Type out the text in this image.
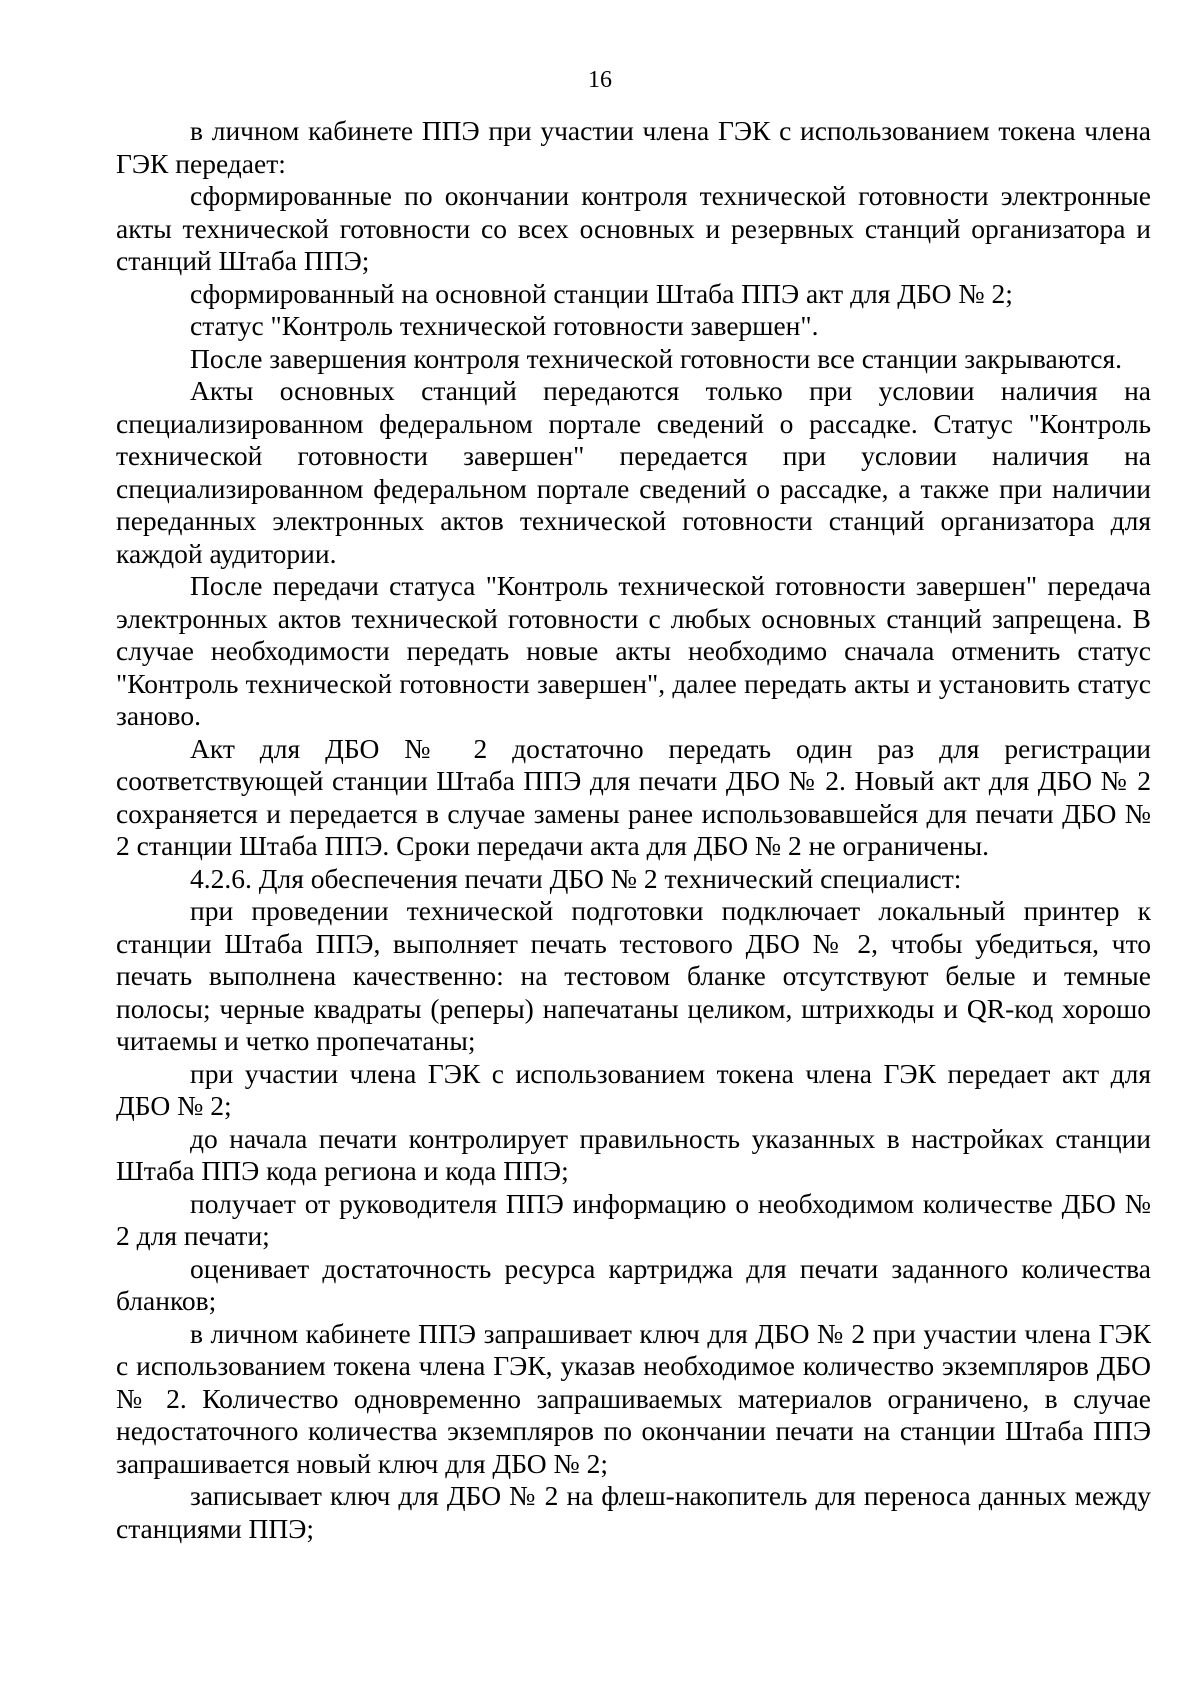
16

в личном кабинете ППЭ при участии члена ГЭК с использованием токена члена ГЭК передает:

сформированные по окончании контроля технической готовности электронные акты технической готовности со всех основных и резервных станций организатора и станций Штаба ППЭ;

сформированный на основной станции Штаба ППЭ акт для ДБО № 2;

статус "Контроль технической готовности завершен".

После завершения контроля технической готовности все станции закрываются.

Акты основных станций передаются только при условии наличия на специализированном федеральном портале сведений о рассадке. Статус "Контроль технической готовности завершен" передается при условии наличия на специализированном федеральном портале сведений о рассадке, а также при наличии переданных электронных актов технической готовности станций организатора для каждой аудитории.

После передачи статуса "Контроль технической готовности завершен" передача электронных актов технической готовности с любых основных станций запрещена. В случае необходимости передать новые акты необходимо сначала отменить статус "Контроль технической готовности завершен", далее передать акты и установить статус заново.

Акт для ДБО № 2 достаточно передать один раз для регистрации соответствующей станции Штаба ППЭ для печати ДБО № 2. Новый акт для ДБО № 2 сохраняется и передается в случае замены ранее использовавшейся для печати ДБО № 2 станции Штаба ППЭ. Сроки передачи акта для ДБО № 2 не ограничены.

4.2.6. Для обеспечения печати ДБО № 2 технический специалист:

при проведении технической подготовки подключает локальный принтер к станции Штаба ППЭ, выполняет печать тестового ДБО № 2, чтобы убедиться, что печать выполнена качественно: на тестовом бланке отсутствуют белые и темные полосы; черные квадраты (реперы) напечатаны целиком, штрихкоды и QR-код хорошо читаемы и четко пропечатаны;

при участии члена ГЭК с использованием токена члена ГЭК передает акт для ДБО № 2;

до начала печати контролирует правильность указанных в настройках станции Штаба ППЭ кода региона и кода ППЭ;

получает от руководителя ППЭ информацию о необходимом количестве ДБО № 2 для печати;

оценивает достаточность ресурса картриджа для печати заданного количества бланков;

в личном кабинете ППЭ запрашивает ключ для ДБО № 2 при участии члена ГЭК с использованием токена члена ГЭК, указав необходимое количество экземпляров ДБО № 2. Количество одновременно запрашиваемых материалов ограничено, в случае недостаточного количества экземпляров по окончании печати на станции Штаба ППЭ запрашивается новый ключ для ДБО № 2;

записывает ключ для ДБО № 2 на флеш-накопитель для переноса данных между станциями ППЭ;
